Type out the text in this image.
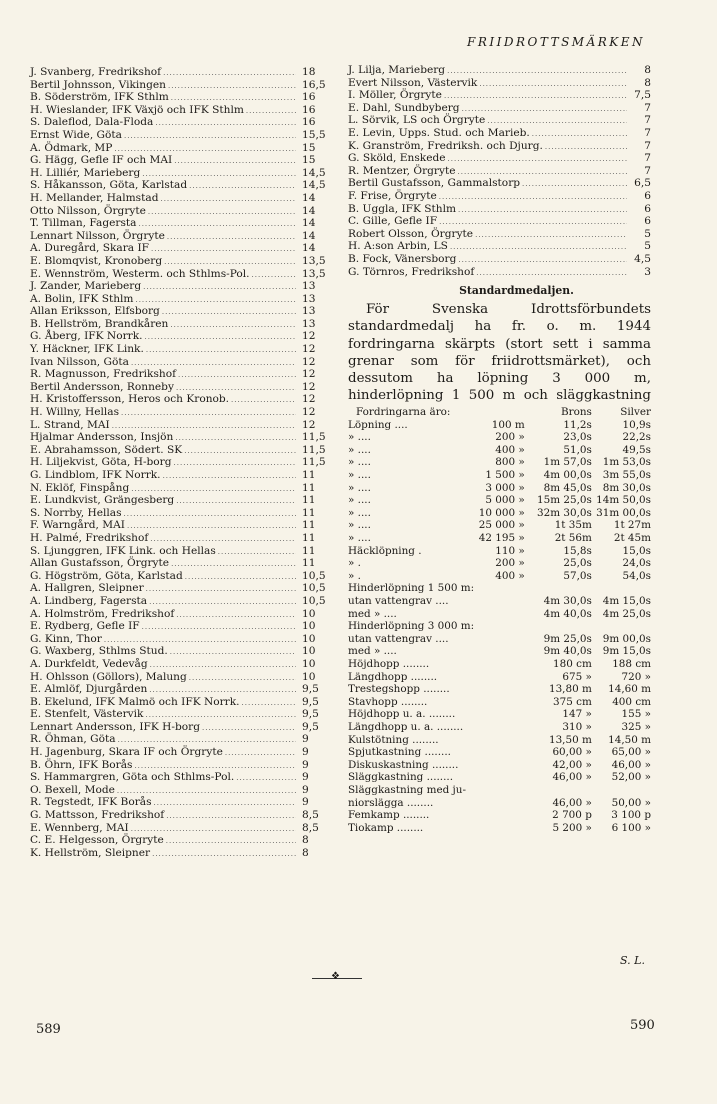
FRIIDROTTSMÄRKEN
J. Svanberg, Fredrikshof .....	18
Bertil Johnsson, Vikingen .....	16,5
B. Söderström, IFK Sthlm .....	16
H. Wieslander, IFK Växjö och IFK Sthlm .....	16
S. Daleflod, Dala-Floda .....	16
Ernst Wide, Göta .....	15,5
A. Ödmark, MP .....	15
G. Hägg, Gefle IF och MAI .....	15
H. Lilliér, Marieberg .....	14,5
S. Håkansson, Göta, Karlstad .....	14,5
H. Mellander, Halmstad .....	14
Otto Nilsson, Örgryte .....	14
T. Tillman, Fagersta .....	14
Lennart Nilsson, Örgryte .....	14
A. Duregård, Skara IF .....	14
E. Blomqvist, Kronoberg .....	13,5
E. Wennström, Westerm. och Sthlms-Pol. .....	13,5
J. Zander, Marieberg .....	13
A. Bolin, IFK Sthlm .....	13
Allan Eriksson, Elfsborg .....	13
B. Hellström, Brandkåren .....	13
G. Åberg, IFK Norrk. .....	12
Y. Häckner, IFK Link. .....	12
Ivan Nilsson, Göta .....	12
R. Magnusson, Fredrikshof .....	12
Bertil Andersson, Ronneby .....	12
H. Kristoffersson, Heros och Kronob. .....	12
H. Willny, Hellas .....	12
L. Strand, MAI .....	12
Hjalmar Andersson, Insjön .....	11,5
E. Abrahamsson, Södert. SK .....	11,5
H. Liljekvist, Göta, H-borg .....	11,5
G. Lindblom, IFK Norrk. .....	11
N. Eklöf, Finspång .....	11
E. Lundkvist, Grängesberg .....	11
S. Norrby, Hellas .....	11
F. Warngård, MAI .....	11
H. Palmé, Fredrikshof .....	11
S. Ljunggren, IFK Link. och Hellas .....	11
Allan Gustafsson, Örgryte .....	11
G. Högström, Göta, Karlstad .....	10,5
A. Hallgren, Sleipner .....	10,5
A. Lindberg, Fagersta .....	10,5
A. Holmström, Fredrikshof .....	10
E. Rydberg, Gefle IF .....	10
G. Kinn, Thor .....	10
G. Waxberg, Sthlms Stud. .....	10
A. Durkfeldt, Vedevåg .....	10
H. Ohlsson (Göllors), Malung .....	10
E. Almlöf, Djurgården .....	9,5
B. Ekelund, IFK Malmö och IFK Norrk. .....	9,5
E. Stenfelt, Västervik .....	9,5
Lennart Andersson, IFK H-borg .....	9,5
R. Öhman, Göta .....	9
H. Jagenburg, Skara IF och Örgryte .....	9
B. Öhrn, IFK Borås .....	9
S. Hammargren, Göta och Sthlms-Pol. .....	9
O. Bexell, Mode .....	9
R. Tegstedt, IFK Borås .....	9
G. Mattsson, Fredrikshof .....	8,5
E. Wennberg, MAI .....	8,5
C. E. Helgesson, Örgryte .....	8
K. Hellström, Sleipner .....	8
J. Lilja, Marieberg .....	8
Evert Nilsson, Västervik .....	8
I. Möller, Örgryte .....	7,5
E. Dahl, Sundbyberg .....	7
L. Sörvik, LS och Örgryte .....	7
E. Levin, Upps. Stud. och Marieb. .....	7
K. Granström, Fredriksh. och Djurg. .....	7
G. Sköld, Enskede .....	7
R. Mentzer, Örgryte .....	7
Bertil Gustafsson, Gammalstorp .....	6,5
F. Frise, Örgryte .....	6
B. Uggla, IFK Sthlm .....	6
C. Gille, Gefle IF .....	6
Robert Olsson, Örgryte .....	5
H. A:son Arbin, LS .....	5
B. Fock, Vänersborg .....	4,5
G. Törnros, Fredrikshof .....	3
Standardmedaljen.
För Svenska Idrottsförbundets standardmedalj ha fr. o. m. 1944 fordringarna skärpts (stort sett i samma grenar som för friidrottsmärket), och dessutom ha löpning 3 000 m, hinderlöpning 1 500 m och släggkastning
Fordringarna äro:		Brons	Silver
Löpning ....	100 m	11,2s	10,9s
» ....	200 »	23,0s	22,2s
» ....	400 »	51,0s	49,5s
» ....	800 »	1m 57,0s	1m 53,0s
» ....	1 500 »	4m 00,0s	3m 55,0s
» ....	3 000 »	8m 45,0s	8m 30,0s
» ....	5 000 »	15m 25,0s	14m 50,0s
» ....	10 000 »	32m 30,0s	31m 00,0s
» ....	25 000 »	1t 35m	1t 27m
» ....	42 195 »	2t 56m	2t 45m
Häcklöpning .	110 »	15,8s	15,0s
» .	200 »	25,0s	24,0s
» .	400 »	57,0s	54,0s
Hinderlöpning 1 500 m:			
utan vattengrav ....		4m 30,0s	4m 15,0s
med » ....		4m 40,0s	4m 25,0s
Hinderlöpning 3 000 m:			
utan vattengrav ....		9m 25,0s	9m 00,0s
med » ....		9m 40,0s	9m 15,0s
Höjdhopp ........		180 cm	188 cm
Längdhopp ........		675 »	720 »
Trestegshopp ........		13,80 m	14,60 m
Stavhopp ........		375 cm	400 cm
Höjdhopp u. a. ........		147 »	155 »
Längdhopp u. a. ........		310 »	325 »
Kulstötning ........		13,50 m	14,50 m
Spjutkastning ........		60,00 »	65,00 »
Diskuskastning ........		42,00 »	46,00 »
Släggkastning ........		46,00 »	52,00 »
Släggkastning med ju-			
niorslägga ........		46,00 »	50,00 »
Femkamp ........		2 700 p	3 100 p
Tiokamp ........		5 200 »	6 100 »
S. L.
❖
589	590
